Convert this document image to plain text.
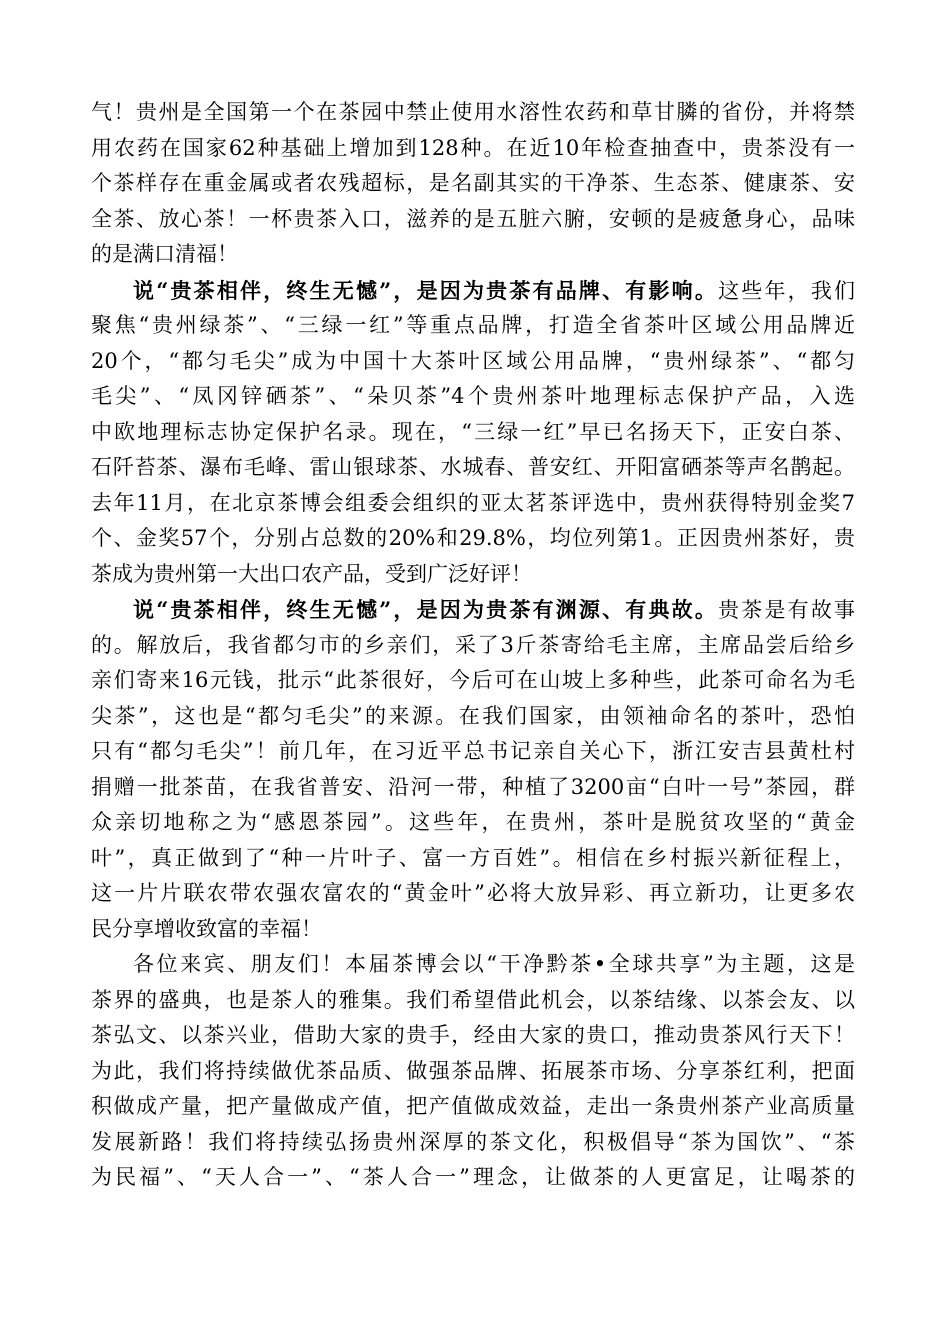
气！贵州是全国第一个在茶园中禁止使用水溶性农药和草甘膦的省份，并将禁
用农药在国家62种基础上增加到128种。在近10年检查抽查中，贵茶没有一
个茶样存在重金属或者农残超标，是名副其实的干净茶、生态茶、健康茶、安
全茶、放心茶！一杯贵茶入口，滋养的是五脏六腑，安顿的是疲惫身心，品味
的是满口清福！
说“贵茶相伴，终生无憾”，是因为贵茶有品牌、有影响。这些年，我们
聚焦“贵州绿茶”、“三绿一红”等重点品牌，打造全省茶叶区域公用品牌近
20个，“都匀毛尖”成为中国十大茶叶区域公用品牌，“贵州绿茶”、“都匀
毛尖”、“凤冈锌硒茶”、“朵贝茶”4个贵州茶叶地理标志保护产品，入选
中欧地理标志协定保护名录。现在，“三绿一红”早已名扬天下，正安白茶、
石阡苔茶、瀑布毛峰、雷山银球茶、水城春、普安红、开阳富硒茶等声名鹊起。
去年11月，在北京茶博会组委会组织的亚太茗茶评选中，贵州获得特别金奖7
个、金奖57个，分别占总数的20%和29.8%，均位列第1。正因贵州茶好，贵
茶成为贵州第一大出口农产品，受到广泛好评！
说“贵茶相伴，终生无憾”，是因为贵茶有渊源、有典故。贵茶是有故事
的。解放后，我省都匀市的乡亲们，采了3斤茶寄给毛主席，主席品尝后给乡
亲们寄来16元钱，批示“此茶很好，今后可在山坡上多种些，此茶可命名为毛
尖茶”，这也是“都匀毛尖”的来源。在我们国家，由领袖命名的茶叶，恐怕
只有“都匀毛尖”！前几年，在习近平总书记亲自关心下，浙江安吉县黄杜村
捐赠一批茶苗，在我省普安、沿河一带，种植了3200亩“白叶一号”茶园，群
众亲切地称之为“感恩茶园”。这些年，在贵州，茶叶是脱贫攻坚的“黄金
叶”，真正做到了“种一片叶子、富一方百姓”。相信在乡村振兴新征程上，
这一片片联农带农强农富农的“黄金叶”必将大放异彩、再立新功，让更多农
民分享增收致富的幸福！
各位来宾、朋友们！本届茶博会以“干净黔茶•全球共享”为主题，这是
茶界的盛典，也是茶人的雅集。我们希望借此机会，以茶结缘、以茶会友、以
茶弘文、以茶兴业，借助大家的贵手，经由大家的贵口，推动贵茶风行天下！
为此，我们将持续做优茶品质、做强茶品牌、拓展茶市场、分享茶红利，把面
积做成产量，把产量做成产值，把产值做成效益，走出一条贵州茶产业高质量
发展新路！我们将持续弘扬贵州深厚的茶文化，积极倡导“茶为国饮”、“茶
为民福”、“天人合一”、“茶人合一”理念，让做茶的人更富足，让喝茶的
